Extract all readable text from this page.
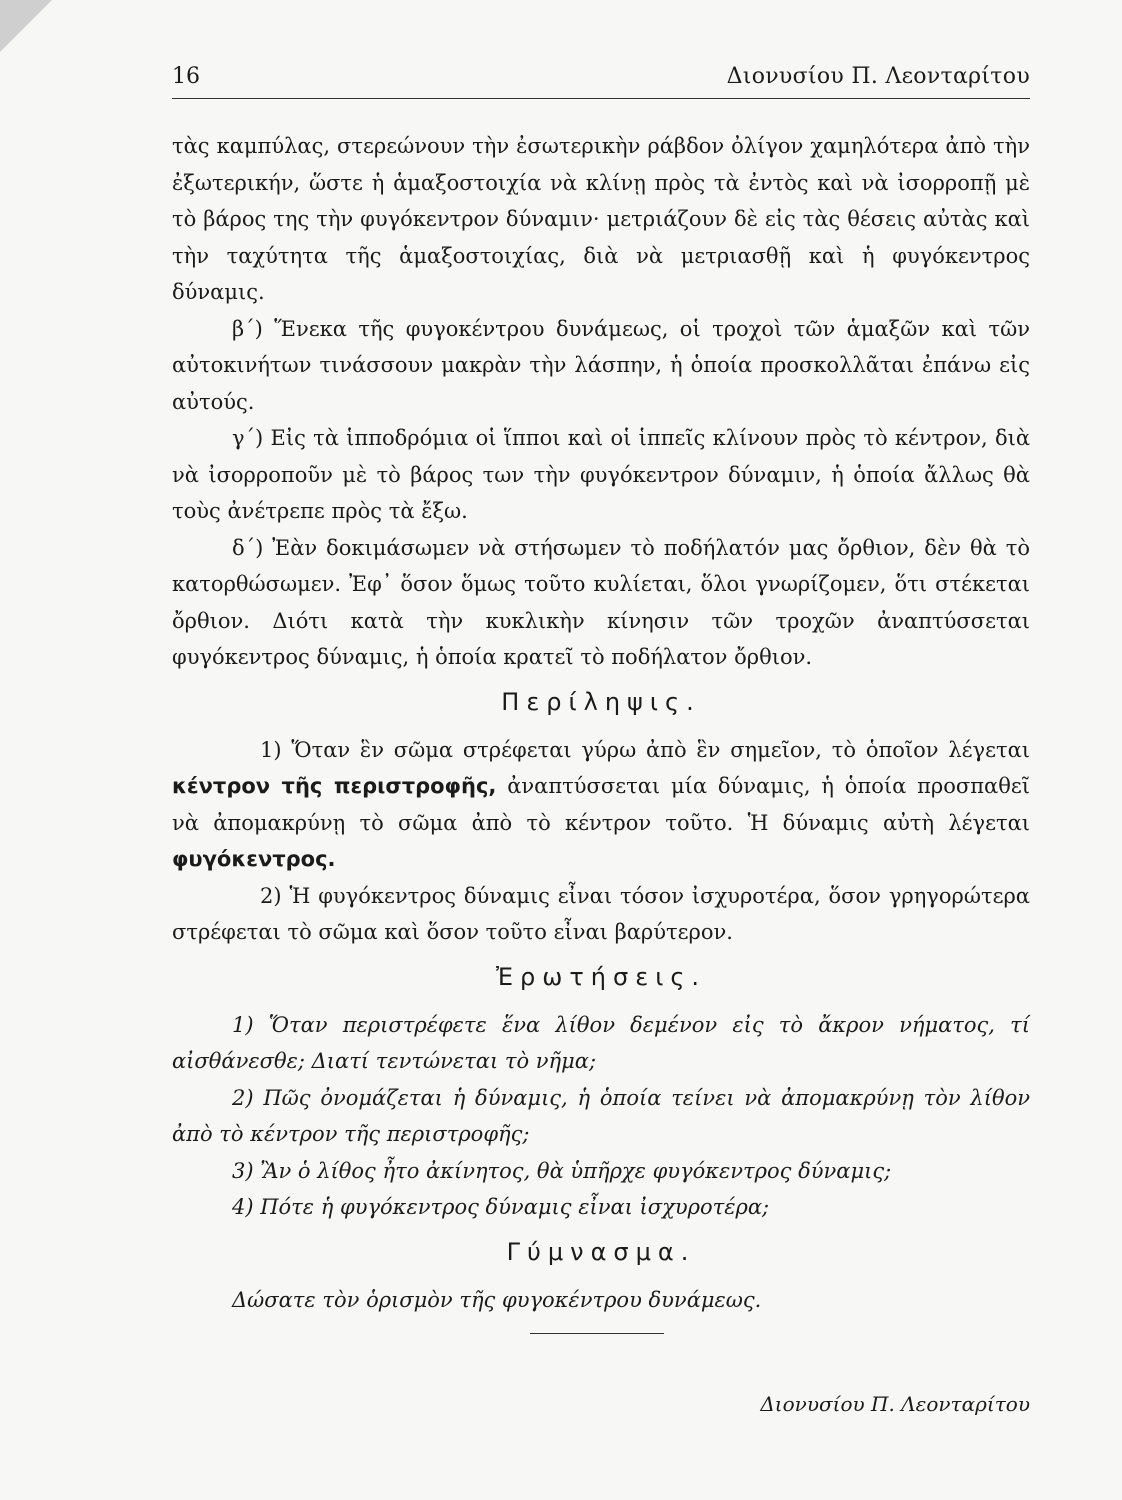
16	Διονυσίου Π. Λεονταρίτου

τὰς καμπύλας, στερεώνουν τὴν ἐσωτερικὴν ράβδον ὀλίγον χαμηλότερα ἀπὸ τὴν ἐξωτερικήν, ὥστε ἡ ἁμαξοστοιχία νὰ κλίνῃ πρὸς τὰ ἐντὸς καὶ νὰ ἰσορροπῇ μὲ τὸ βάρος της τὴν φυγόκεντρον δύναμιν· μετριάζουν δὲ εἰς τὰς θέσεις αὐτὰς καὶ τὴν ταχύτητα τῆς ἁμαξοστοιχίας, διὰ νὰ μετριασθῇ καὶ ἡ φυγόκεντρος δύναμις.

β΄) Ἕνεκα τῆς φυγοκέντρου δυνάμεως, οἱ τροχοὶ τῶν ἁμαξῶν καὶ τῶν αὐτοκινήτων τινάσσουν μακρὰν τὴν λάσπην, ἡ ὁποία προσκολλᾶται ἐπάνω εἰς αὐτούς.

γ΄) Εἰς τὰ ἱπποδρόμια οἱ ἵπποι καὶ οἱ ἱππεῖς κλίνουν πρὸς τὸ κέντρον, διὰ νὰ ἰσορροποῦν μὲ τὸ βάρος των τὴν φυγόκεντρον δύναμιν, ἡ ὁποία ἄλλως θὰ τοὺς ἀνέτρεπε πρὸς τὰ ἔξω.

δ΄) Ἐὰν δοκιμάσωμεν νὰ στήσωμεν τὸ ποδήλατόν μας ὄρθιον, δὲν θὰ τὸ κατορθώσωμεν. Ἐφ᾽ ὅσον ὅμως τοῦτο κυλίεται, ὅλοι γνωρίζομεν, ὅτι στέκεται ὄρθιον. Διότι κατὰ τὴν κυκλικὴν κίνησιν τῶν τροχῶν ἀναπτύσσεται φυγόκεντρος δύναμις, ἡ ὁποία κρατεῖ τὸ ποδήλατον ὄρθιον.

Περίληψις.

1) Ὅταν ἓν σῶμα στρέφεται γύρω ἀπὸ ἓν σημεῖον, τὸ ὁποῖον λέγεται κέντρον τῆς περιστροφῆς, ἀναπτύσσεται μία δύναμις, ἡ ὁποία προσπαθεῖ νὰ ἀπομακρύνῃ τὸ σῶμα ἀπὸ τὸ κέντρον τοῦτο. Ἡ δύναμις αὐτὴ λέγεται φυγόκεντρος.

2) Ἡ φυγόκεντρος δύναμις εἶναι τόσον ἰσχυροτέρα, ὅσον γρηγορώτερα στρέφεται τὸ σῶμα καὶ ὅσον τοῦτο εἶναι βαρύτερον.

Ἐρωτήσεις.

1) Ὅταν περιστρέφετε ἕνα λίθον δεμένον εἰς τὸ ἄκρον νήματος, τί αἰσθάνεσθε; Διατί τεντώνεται τὸ νῆμα;

2) Πῶς ὀνομάζεται ἡ δύναμις, ἡ ὁποία τείνει νὰ ἀπομακρύνῃ τὸν λίθον ἀπὸ τὸ κέντρον τῆς περιστροφῆς;

3) Ἂν ὁ λίθος ἦτο ἀκίνητος, θὰ ὑπῆρχε φυγόκεντρος δύναμις;

4) Πότε ἡ φυγόκεντρος δύναμις εἶναι ἰσχυροτέρα;

Γύμνασμα.

Δώσατε τὸν ὁρισμὸν τῆς φυγοκέντρου δυνάμεως.

Διονυσίου Π. Λεονταρίτου
